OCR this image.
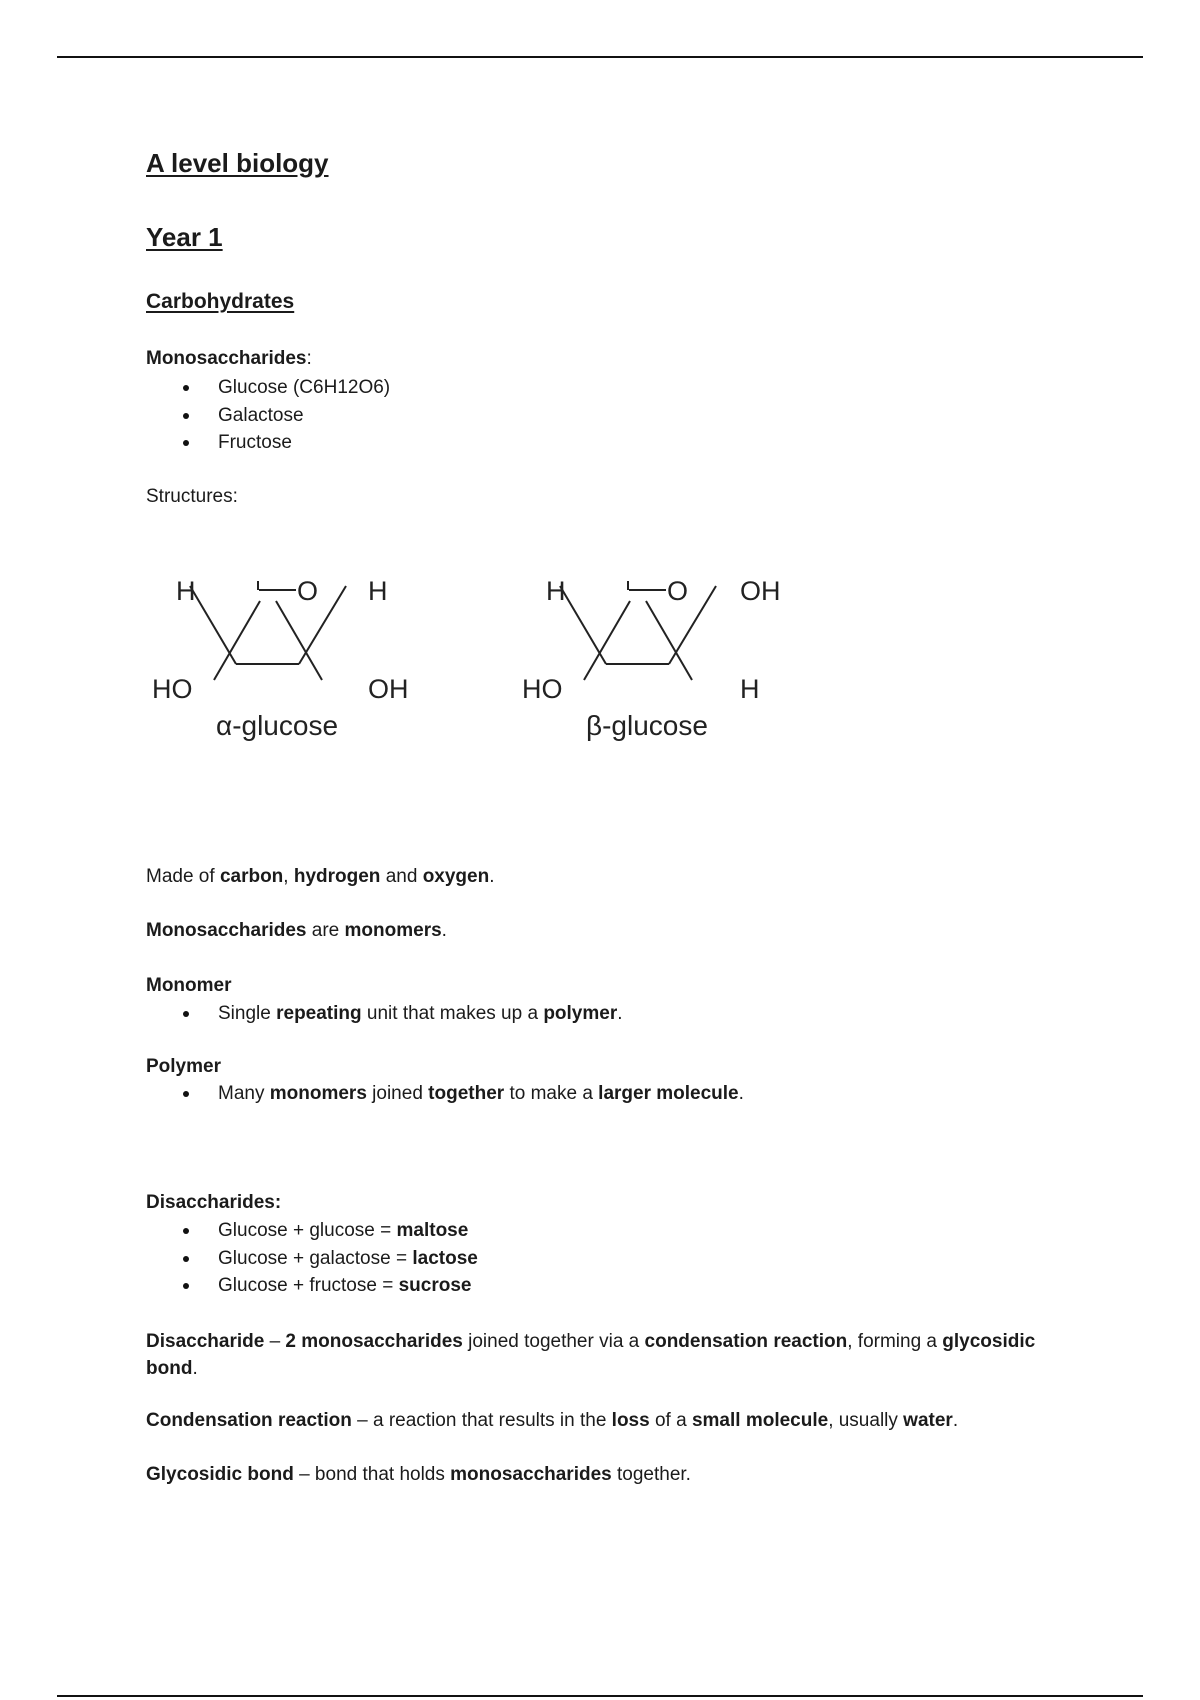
A level biology
Year 1
Carbohydrates
Monosaccharides:
Glucose (C6H12O6)
Galactose
Fructose
Structures:
H	O H
HO	OH
α-glucose
H	O OH
HO	H
β-glucose
Made of carbon, hydrogen and oxygen.
Monosaccharides are monomers.
Monomer
Single repeating unit that makes up a polymer.
Polymer
Many monomers joined together to make a larger molecule.
Disaccharides:
Glucose + glucose = maltose
Glucose + galactose = lactose
Glucose + fructose = sucrose
Disaccharide – 2 monosaccharides joined together via a condensation reaction, forming a glycosidic
bond.
Condensation reaction – a reaction that results in the loss of a small molecule, usually water.
Glycosidic bond – bond that holds monosaccharides together.
